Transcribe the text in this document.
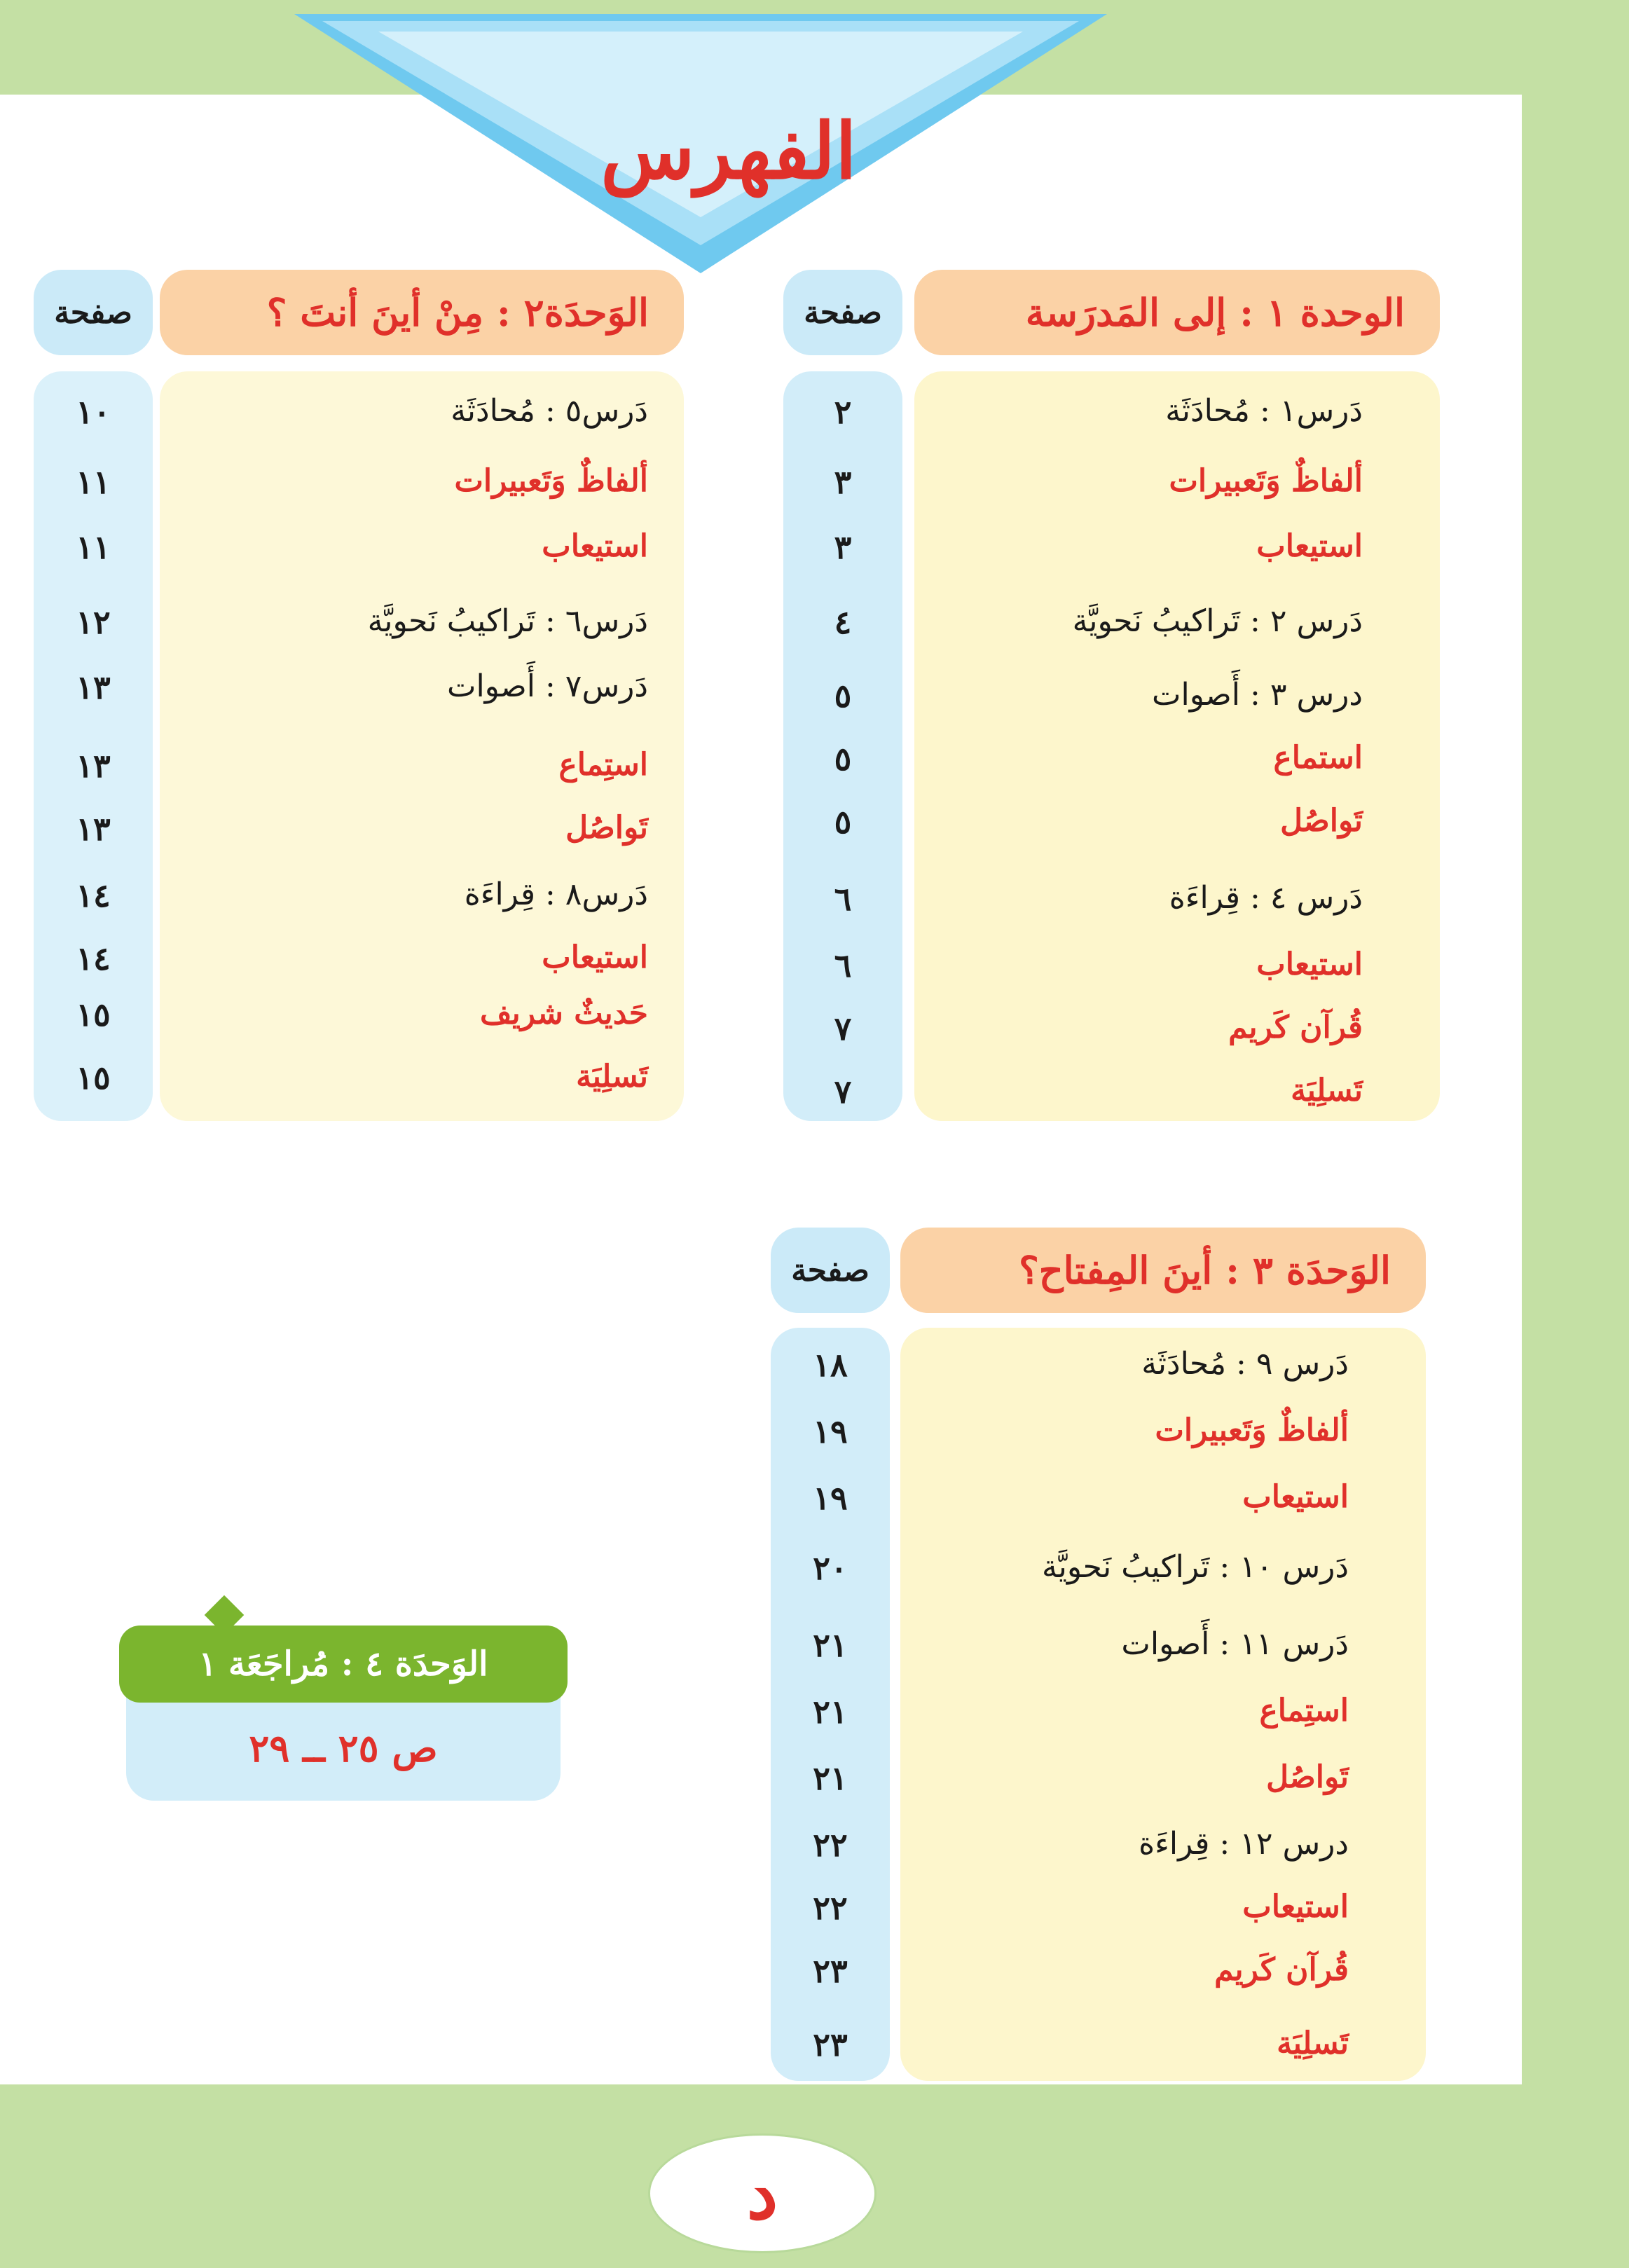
الفهرس
الوحدة ١ : إلى المَدرَسة
صفحة
دَرس١ : مُحادَثَة
٢
ألفاظٌ وَتَعبيرات
٣
استيعاب
٣
دَرس ٢ : تَراكيبُ نَحويَّة
٤
درس ٣ : أَصوات
٥
استماع
٥
تَواصُل
٥
دَرس ٤ : قِراءَة
٦
استيعاب
٦
قُرآن كَريم
٧
تَسلِيَة
٧
الوَحدَة٢ : مِنْ أينَ أنتَ ؟
صفحة
دَرس٥ : مُحادَثَة
١٠
ألفاظٌ وَتَعبيرات
١١
استيعاب
١١
دَرس٦ : تَراكيبُ نَحويَّة
١٢
دَرس٧ : أَصوات
١٣
استِماع
١٣
تَواصُل
١٣
دَرس٨ : قِراءَة
١٤
استيعاب
١٤
حَديثٌ شريف
١٥
تَسلِيَة
١٥
الوَحدَة ٣ : أينَ المِفتاح؟
صفحة
دَرس ٩ : مُحادَثَة
١٨
ألفاظٌ وَتَعبيرات
١٩
استيعاب
١٩
دَرس ١٠ : تَراكيبُ نَحويَّة
٢٠
دَرس ١١ : أَصوات
٢١
استِماع
٢١
تَواصُل
٢١
درس ١٢ : قِراءَة
٢٢
استيعاب
٢٢
قُرآن كَريم
٢٣
تَسلِيَة
٢٣
ص ٢٥ ــ ٢٩
الوَحدَة ٤ : مُراجَعَة ١
د
